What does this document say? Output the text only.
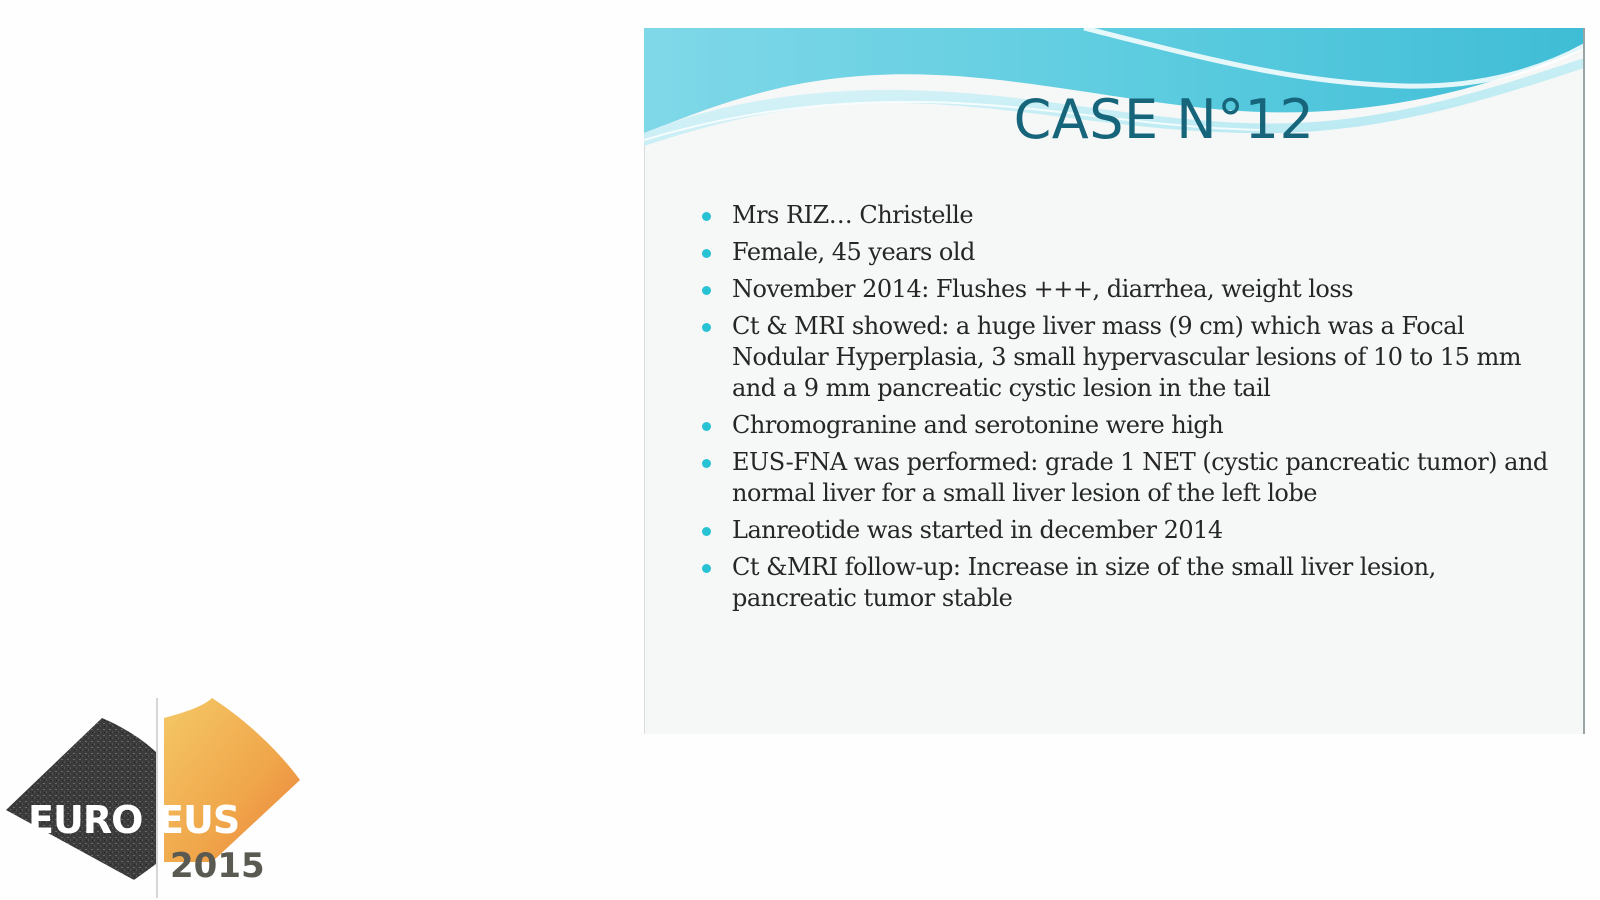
CASE N°12
Mrs RIZ… Christelle
Female, 45 years old
November 2014: Flushes +++, diarrhea, weight loss
Ct & MRI showed: a huge liver mass (9 cm) which was a Focal Nodular Hyperplasia, 3 small hypervascular lesions of 10 to 15 mm and a 9 mm pancreatic cystic lesion in the tail
Chromogranine and serotonine were high
EUS-FNA was performed: grade 1 NET (cystic pancreatic tumor) and normal liver for a small liver lesion of the left lobe
Lanreotide was started in december 2014
Ct &MRI follow-up: Increase in size of the small liver lesion, pancreatic tumor stable
EURO EUS
2015
